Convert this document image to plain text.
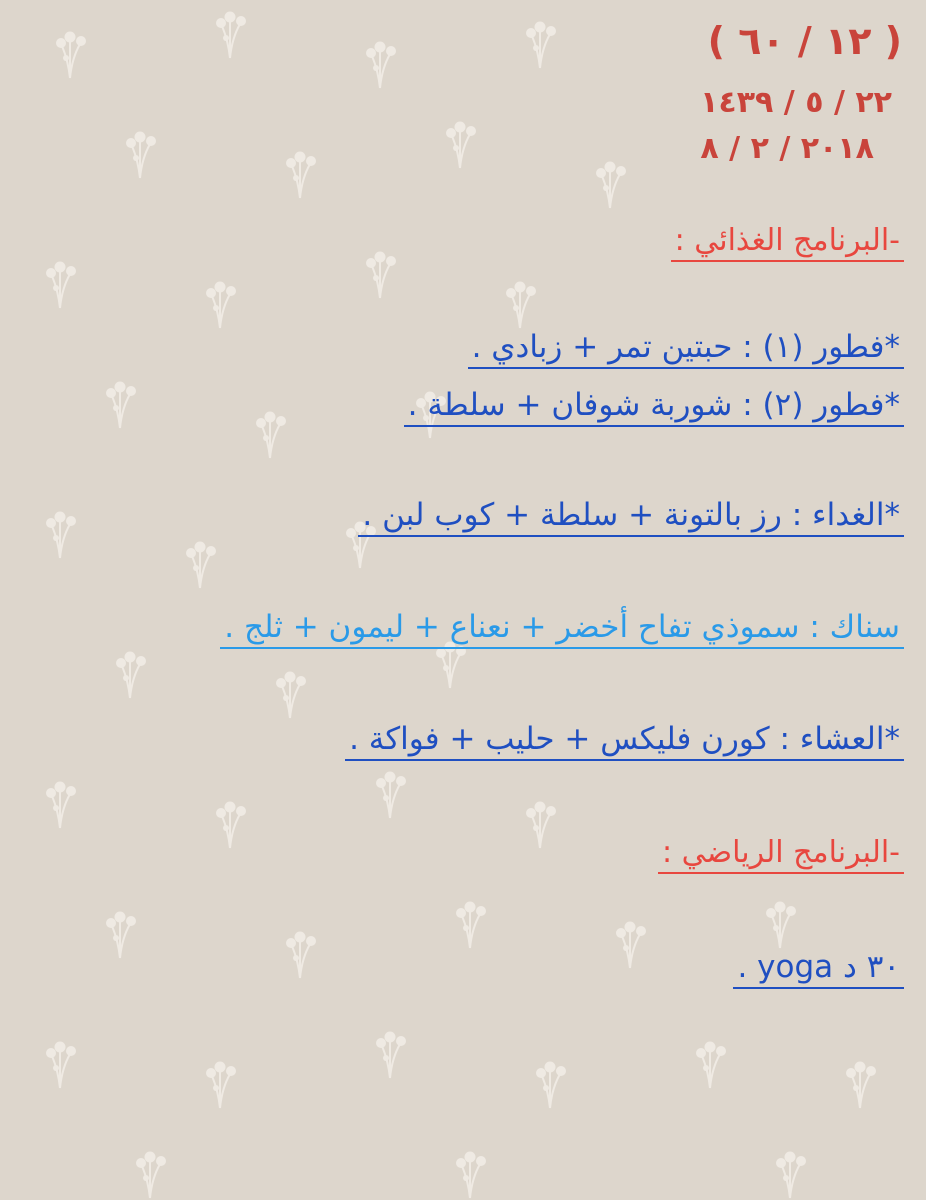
( ١٢ / ٦٠ )
٢٢ / ٥ / ١٤٣٩
٢٠١٨ / ٢ / ٨
-البرنامج الغذائي :
*فطور (١) : حبتين تمر + زبادي .
*فطور (٢) : شوربة شوفان + سلطة .
*الغداء : رز بالتونة + سلطة + كوب لبن .
سناك : سموذي تفاح أخضر + نعناع + ليمون + ثلج .
*العشاء : كورن فليكس + حليب + فواكة .
-البرنامج الرياضي :
٣٠ د yoga .
